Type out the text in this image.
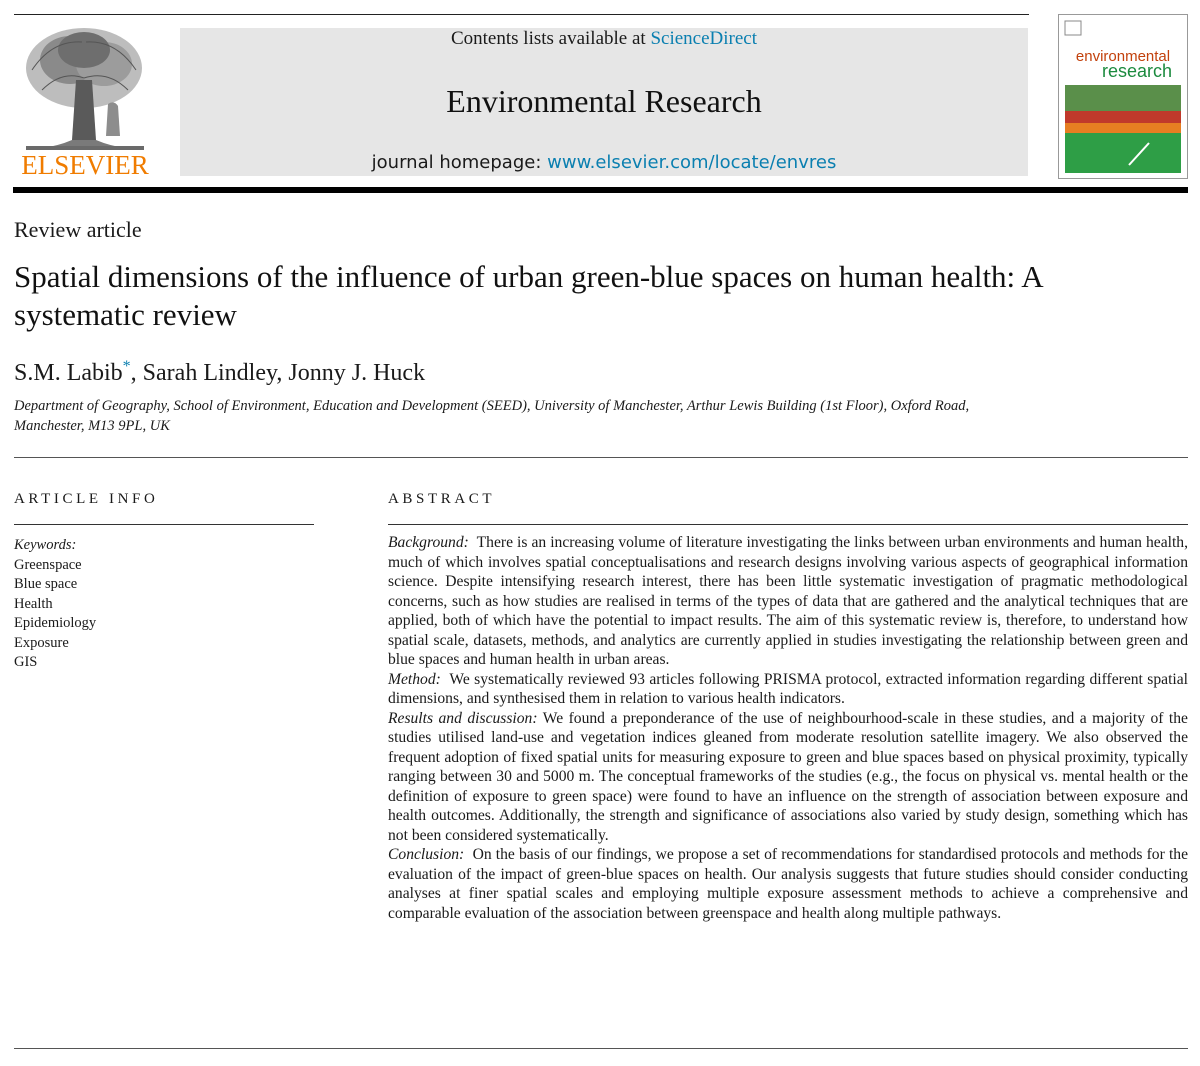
ELSEVIER
Contents lists available at ScienceDirect
Environmental Research
journal homepage: www.elsevier.com/locate/envres
environmental
research
Review article
Spatial dimensions of the influence of urban green-blue spaces on human health: A systematic review
S.M. Labib*, Sarah Lindley, Jonny J. Huck
Department of Geography, School of Environment, Education and Development (SEED), University of Manchester, Arthur Lewis Building (1st Floor), Oxford Road, Manchester, M13 9PL, UK
ARTICLE INFO
Keywords:
Greenspace
Blue space
Health
Epidemiology
Exposure
GIS
ABSTRACT

Background: There is an increasing volume of literature investigating the links between urban environments and human health, much of which involves spatial conceptualisations and research designs involving various aspects of geographical information science. Despite intensifying research interest, there has been little systematic investigation of pragmatic methodological concerns, such as how studies are realised in terms of the types of data that are gathered and the analytical techniques that are applied, both of which have the potential to impact results. The aim of this systematic review is, therefore, to understand how spatial scale, datasets, methods, and analytics are currently applied in studies investigating the relationship between green and blue spaces and human health in urban areas.

Method: We systematically reviewed 93 articles following PRISMA protocol, extracted information regarding different spatial dimensions, and synthesised them in relation to various health indicators.

Results and discussion: We found a preponderance of the use of neighbourhood-scale in these studies, and a majority of the studies utilised land-use and vegetation indices gleaned from moderate resolution satellite imagery. We also observed the frequent adoption of fixed spatial units for measuring exposure to green and blue spaces based on physical proximity, typically ranging between 30 and 5000 m. The conceptual frameworks of the studies (e.g., the focus on physical vs. mental health or the definition of exposure to green space) were found to have an influence on the strength of association between exposure and health outcomes. Additionally, the strength and significance of associations also varied by study design, something which has not been considered systematically.

Conclusion: On the basis of our findings, we propose a set of recommendations for standardised protocols and methods for the evaluation of the impact of green-blue spaces on health. Our analysis suggests that future studies should consider conducting analyses at finer spatial scales and employing multiple exposure assessment methods to achieve a comprehensive and comparable evaluation of the association between greenspace and health along multiple pathways.
